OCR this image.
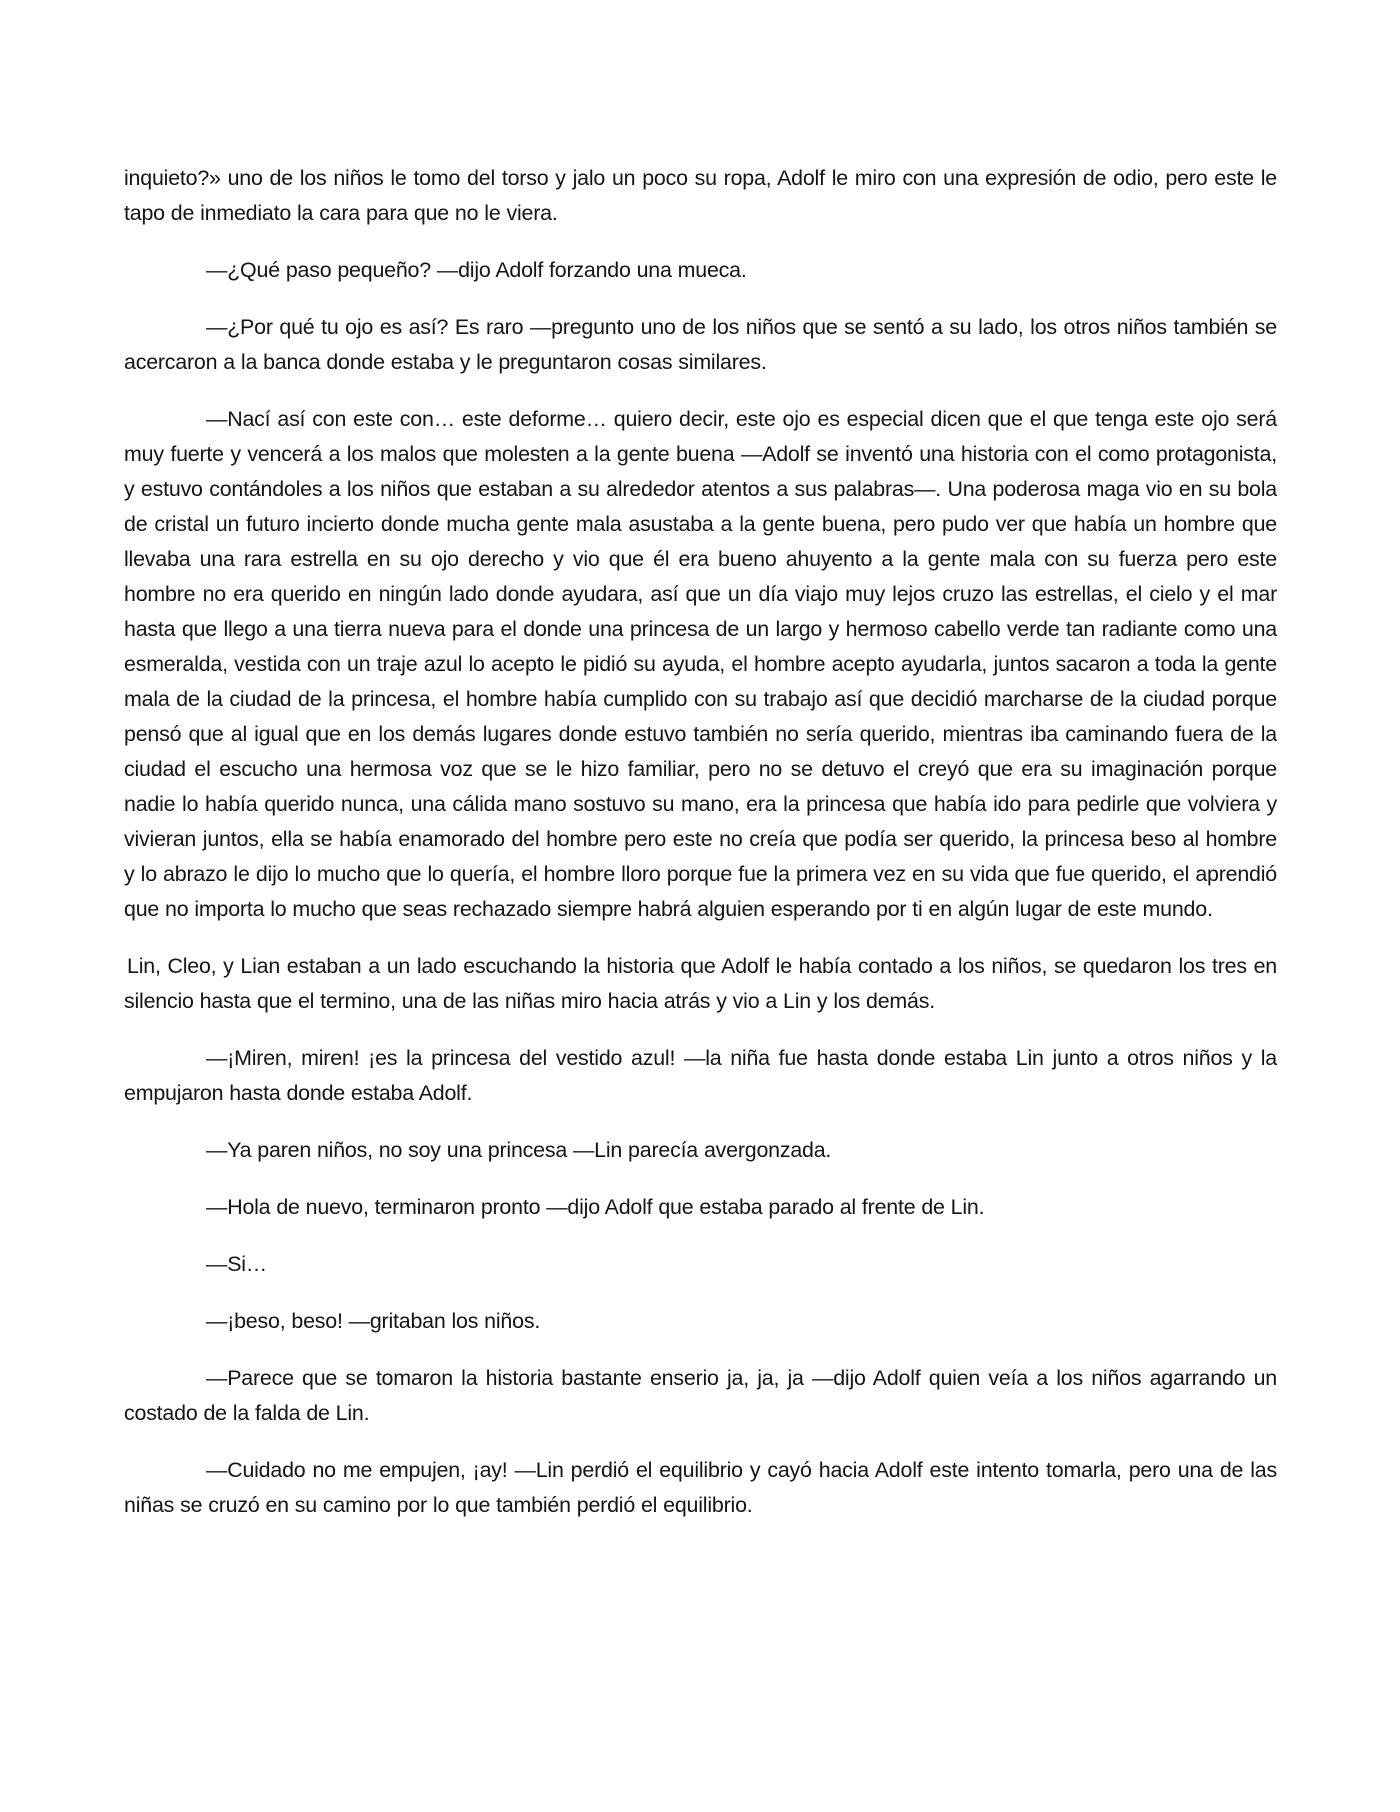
inquieto?» uno de los niños le tomo del torso y jalo un poco su ropa, Adolf le miro con una expresión de odio, pero este le tapo de inmediato la cara para que no le viera.

—¿Qué paso pequeño? —dijo Adolf forzando una mueca.

—¿Por qué tu ojo es así? Es raro —pregunto uno de los niños que se sentó a su lado, los otros niños también se acercaron a la banca donde estaba y le preguntaron cosas similares.

—Nací así con este con… este deforme… quiero decir, este ojo es especial dicen que el que tenga este ojo será muy fuerte y vencerá a los malos que molesten a la gente buena —Adolf se inventó una historia con el como protagonista, y estuvo contándoles a los niños que estaban a su alrededor atentos a sus palabras—. Una poderosa maga vio en su bola de cristal un futuro incierto donde mucha gente mala asustaba a la gente buena, pero pudo ver que había un hombre que llevaba una rara estrella en su ojo derecho y vio que él era bueno ahuyento a la gente mala con su fuerza pero este hombre no era querido en ningún lado donde ayudara, así que un día viajo muy lejos cruzo las estrellas, el cielo y el mar hasta que llego a una tierra nueva para el donde una princesa de un largo y hermoso cabello verde tan radiante como una esmeralda, vestida con un traje azul lo acepto le pidió su ayuda, el hombre acepto ayudarla, juntos sacaron a toda la gente mala de la ciudad de la princesa, el hombre había cumplido con su trabajo así que decidió marcharse de la ciudad porque pensó que al igual que en los demás lugares donde estuvo también no sería querido, mientras iba caminando fuera de la ciudad el escucho una hermosa voz que se le hizo familiar, pero no se detuvo el creyó que era su imaginación porque nadie lo había querido nunca, una cálida mano sostuvo su mano, era la princesa que había ido para pedirle que volviera y vivieran juntos, ella se había enamorado del hombre pero este no creía que podía ser querido, la princesa beso al hombre y lo abrazo le dijo lo mucho que lo quería, el hombre lloro porque fue la primera vez en su vida que fue querido, el aprendió que no importa lo mucho que seas rechazado siempre habrá alguien esperando por ti en algún lugar de este mundo.

Lin, Cleo, y Lian estaban a un lado escuchando la historia que Adolf le había contado a los niños, se quedaron los tres en silencio hasta que el termino, una de las niñas miro hacia atrás y vio a Lin y los demás.

—¡Miren, miren! ¡es la princesa del vestido azul! —la niña fue hasta donde estaba Lin junto a otros niños y la empujaron hasta donde estaba Adolf.

—Ya paren niños, no soy una princesa —Lin parecía avergonzada.

—Hola de nuevo, terminaron pronto —dijo Adolf que estaba parado al frente de Lin.

—Si…

—¡beso, beso! —gritaban los niños.

—Parece que se tomaron la historia bastante enserio ja, ja, ja —dijo Adolf quien veía a los niños agarrando un costado de la falda de Lin.

—Cuidado no me empujen, ¡ay! —Lin perdió el equilibrio y cayó hacia Adolf este intento tomarla, pero una de las niñas se cruzó en su camino por lo que también perdió el equilibrio.
